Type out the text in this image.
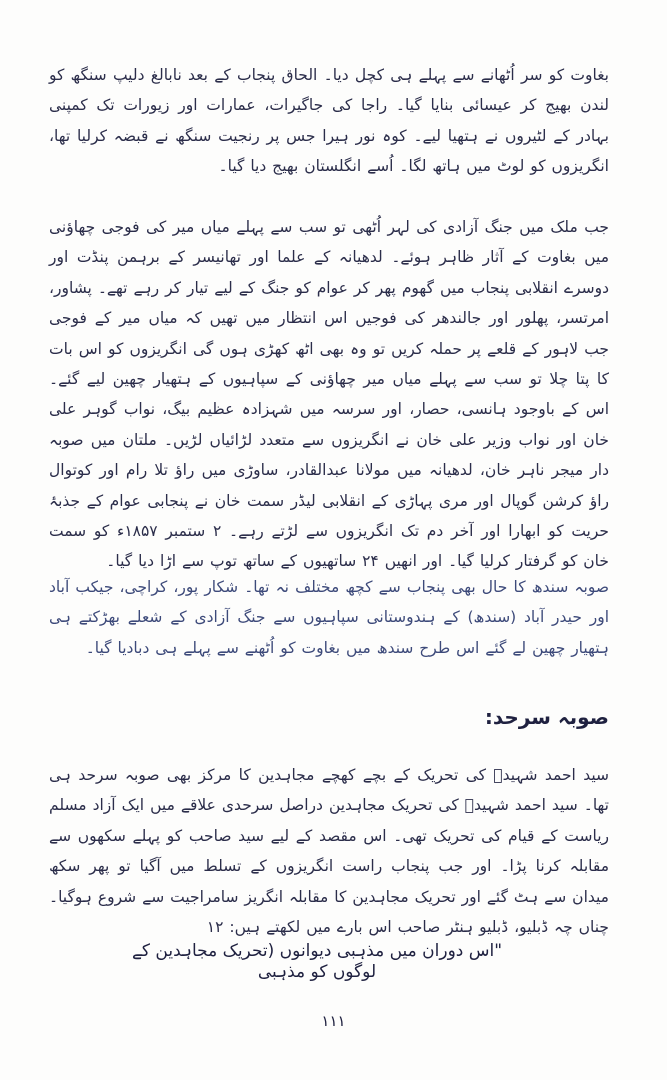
بغاوت کو سر اُٹھانے سے پہلے ہی کچل دیا۔ الحاق پنجاب کے بعد نابالغ دلیپ سنگھ کو لندن بھیج کر عیسائی بنایا گیا۔ راجا کی جاگیرات، عمارات اور زیورات تک کمپنی بہادر کے لٹیروں نے ہتھیا لیے۔ کوہ نور ہیرا جس پر رنجیت سنگھ نے قبضہ کرلیا تھا، انگریزوں کو لوٹ میں ہاتھ لگا۔ اُسے انگلستان بھیج دیا گیا۔

جب ملک میں جنگ آزادی کی لہر اُٹھی تو سب سے پہلے میاں میر کی فوجی چھاؤنی میں بغاوت کے آثار ظاہر ہوئے۔ لدھیانہ کے علما اور تھانیسر کے برہمن پنڈت اور دوسرے انقلابی پنجاب میں گھوم پھر کر عوام کو جنگ کے لیے تیار کر رہے تھے۔ پشاور، امرتسر، پھلور اور جالندھر کی فوجیں اس انتظار میں تھیں کہ میاں میر کے فوجی جب لاہور کے قلعے پر حملہ کریں تو وہ بھی اٹھ کھڑی ہوں گی انگریزوں کو اس بات کا پتا چلا تو سب سے پہلے میاں میر چھاؤنی کے سپاہیوں کے ہتھیار چھین لیے گئے۔ اس کے باوجود ہانسی، حصار، اور سرسہ میں شہزادہ عظیم بیگ، نواب گوہر علی خان اور نواب وزیر علی خان نے انگریزوں سے متعدد لڑائیاں لڑیں۔ ملتان میں صوبہ دار میجر ناہر خان، لدھیانہ میں مولانا عبدالقادر، ساوڑی میں راؤ تلا رام اور کوتوال راؤ کرشن گوپال اور مری پہاڑی کے انقلابی لیڈر سمت خان نے پنجابی عوام کے جذبۂ حریت کو ابھارا اور آخر دم تک انگریزوں سے لڑتے رہے۔ ۲ ستمبر ۱۸۵۷ء کو سمت خان کو گرفتار کرلیا گیا۔ اور انھیں ۲۴ ساتھیوں کے ساتھ توپ سے اڑا دیا گیا۔

صوبہ سندھ کا حال بھی پنجاب سے کچھ مختلف نہ تھا۔ شکار پور، کراچی، جیکب آباد اور حیدر آباد (سندھ) کے ہندوستانی سپاہیوں سے جنگ آزادی کے شعلے بھڑکتے ہی ہتھیار چھین لے گئے اس طرح سندھ میں بغاوت کو اُٹھنے سے پہلے ہی دبادیا گیا۔

صوبہ سرحد:

سید احمد شہیدؒ کی تحریک کے بچے کھچے مجاہدین کا مرکز بھی صوبہ سرحد ہی تھا۔ سید احمد شہیدؒ کی تحریک مجاہدین دراصل سرحدی علاقے میں ایک آزاد مسلم ریاست کے قیام کی تحریک تھی۔ اس مقصد کے لیے سید صاحب کو پہلے سکھوں سے مقابلہ کرنا پڑا۔ اور جب پنجاب راست انگریزوں کے تسلط میں آگیا تو پھر سکھ میدان سے ہٹ گئے اور تحریک مجاہدین کا مقابلہ انگریز سامراجیت سے شروع ہوگیا۔ چناں چہ ڈبلیو، ڈبلیو ہنٹر صاحب اس بارے میں لکھتے ہیں: ۱۲

"اس دوران میں مذہبی دیوانوں (تحریک مجاہدین کے لوگوں کو مذہبی

۱۱۱
